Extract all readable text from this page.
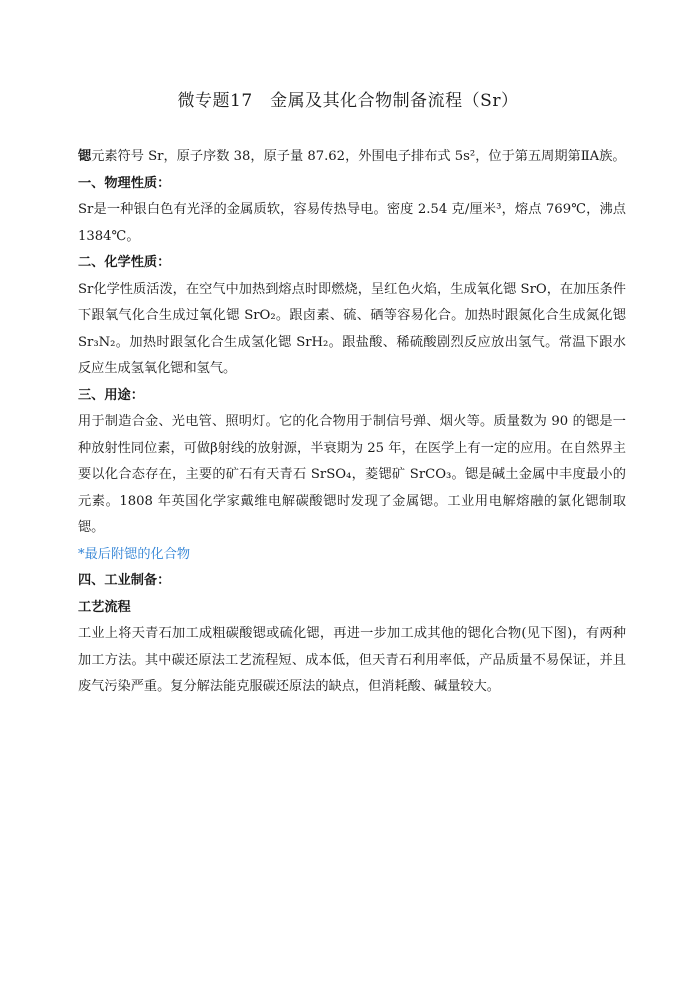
微专题17　金属及其化合物制备流程（Sr）

锶元素符号 Sr，原子序数 38，原子量 87.62，外围电子排布式 5s²，位于第五周期第ⅡA族。

一、物理性质：

Sr是一种银白色有光泽的金属质软，容易传热导电。密度 2.54 克/厘米³，熔点 769℃，沸点 1384℃。

二、化学性质：

Sr化学性质活泼，在空气中加热到熔点时即燃烧，呈红色火焰，生成氧化锶 SrO，在加压条件下跟氧气化合生成过氧化锶 SrO₂。跟卤素、硫、硒等容易化合。加热时跟氮化合生成氮化锶 Sr₃N₂。加热时跟氢化合生成氢化锶 SrH₂。跟盐酸、稀硫酸剧烈反应放出氢气。常温下跟水反应生成氢氧化锶和氢气。

三、用途：

用于制造合金、光电管、照明灯。它的化合物用于制信号弹、烟火等。质量数为 90 的锶是一种放射性同位素，可做β射线的放射源，半衰期为 25 年，在医学上有一定的应用。在自然界主要以化合态存在，主要的矿石有天青石 SrSO₄，菱锶矿 SrCO₃。锶是碱土金属中丰度最小的元素。1808 年英国化学家戴维电解碳酸锶时发现了金属锶。工业用电解熔融的氯化锶制取锶。

*最后附锶的化合物

四、工业制备：

工艺流程

工业上将天青石加工成粗碳酸锶或硫化锶，再进一步加工成其他的锶化合物(见下图)，有两种加工方法。其中碳还原法工艺流程短、成本低，但天青石利用率低，产品质量不易保证，并且废气污染严重。复分解法能克服碳还原法的缺点，但消耗酸、碱量较大。
